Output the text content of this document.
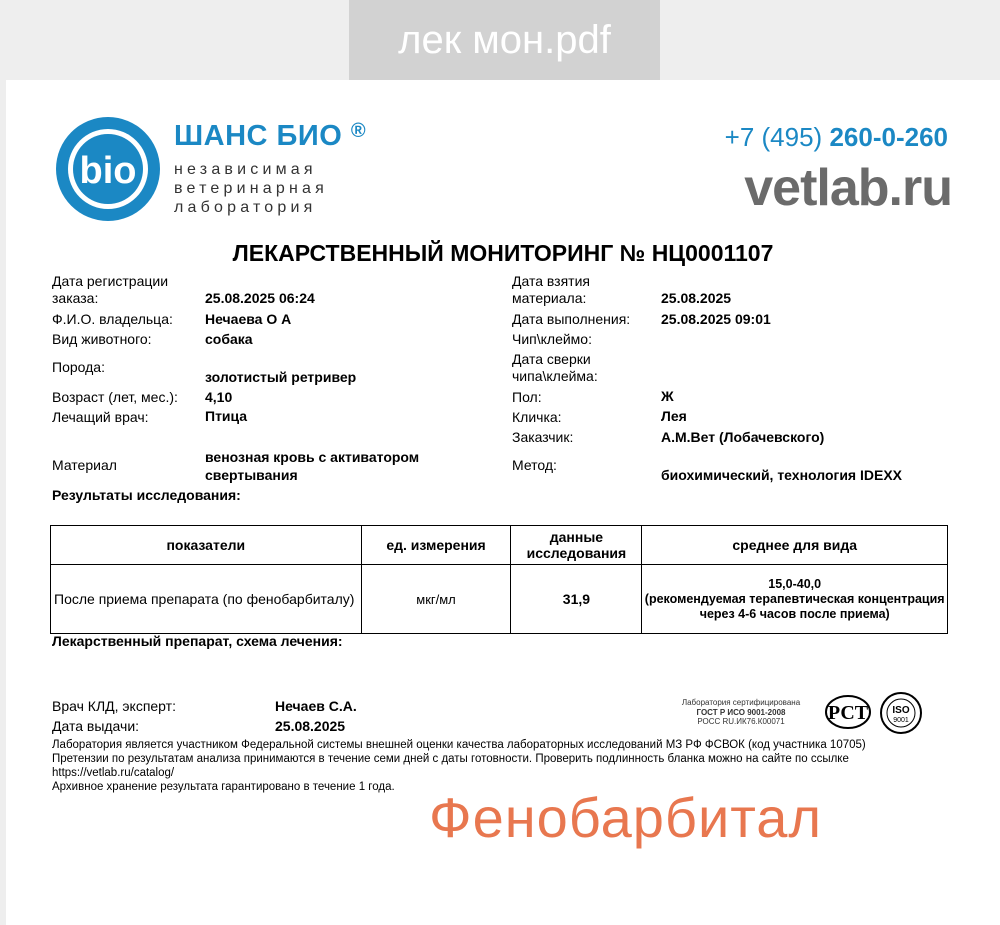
лек мон.pdf
bio
ШАНС БИО ®
независимая
ветеринарная
лаборатория
+7 (495) 260-0-260
vetlab.ru
ЛЕКАРСТВЕННЫЙ МОНИТОРИНГ № НЦ0001107
Дата регистрации
заказа:	25.08.2025 06:24
Ф.И.О. владельца: Нечаева О А
Вид животного:	собака
Порода:
золотистый ретривер
Возраст (лет, мес.): 4,10
Лечащий врач:	Птица
Материал	венозная кровь с активатором
свертывания
Дата взятия
материала:	25.08.2025
Дата выполнения: 25.08.2025 09:01
Чип\клеймо:
Дата сверки
чипа\клейма:
Пол:	Ж
Кличка:	Лея
Заказчик:	А.М.Вет (Лобачевского)
Метод:
биохимический, технология IDEXX
Результаты исследования:
показатели	ед. измерения	данные исследования	среднее для вида
После приема препарата (по фенобарбиталу)	мкг/мл	31,9	15,0-40,0
(рекомендуемая терапевтическая концентрация через 4-6 часов после приема)
Лекарственный препарат, схема лечения:
Врач КЛД, эксперт:	Нечаев С.А.
Дата выдачи:	25.08.2025
Лаборатория сертифицирована
ГОСТ Р ИСО 9001-2008
РОСС RU.ИК76.К00071	РСТ ISO
9001
Лаборатория является участником Федеральной системы внешней оценки качества лабораторных исследований МЗ РФ ФСВОК (код участника 10705)
Претензии по результатам анализа принимаются в течение семи дней с даты готовности. Проверить подлинность бланка можно на сайте по ссылке
https://vetlab.ru/catalog/
Архивное хранение результата гарантировано в течение 1 года. Фенобарбитал
